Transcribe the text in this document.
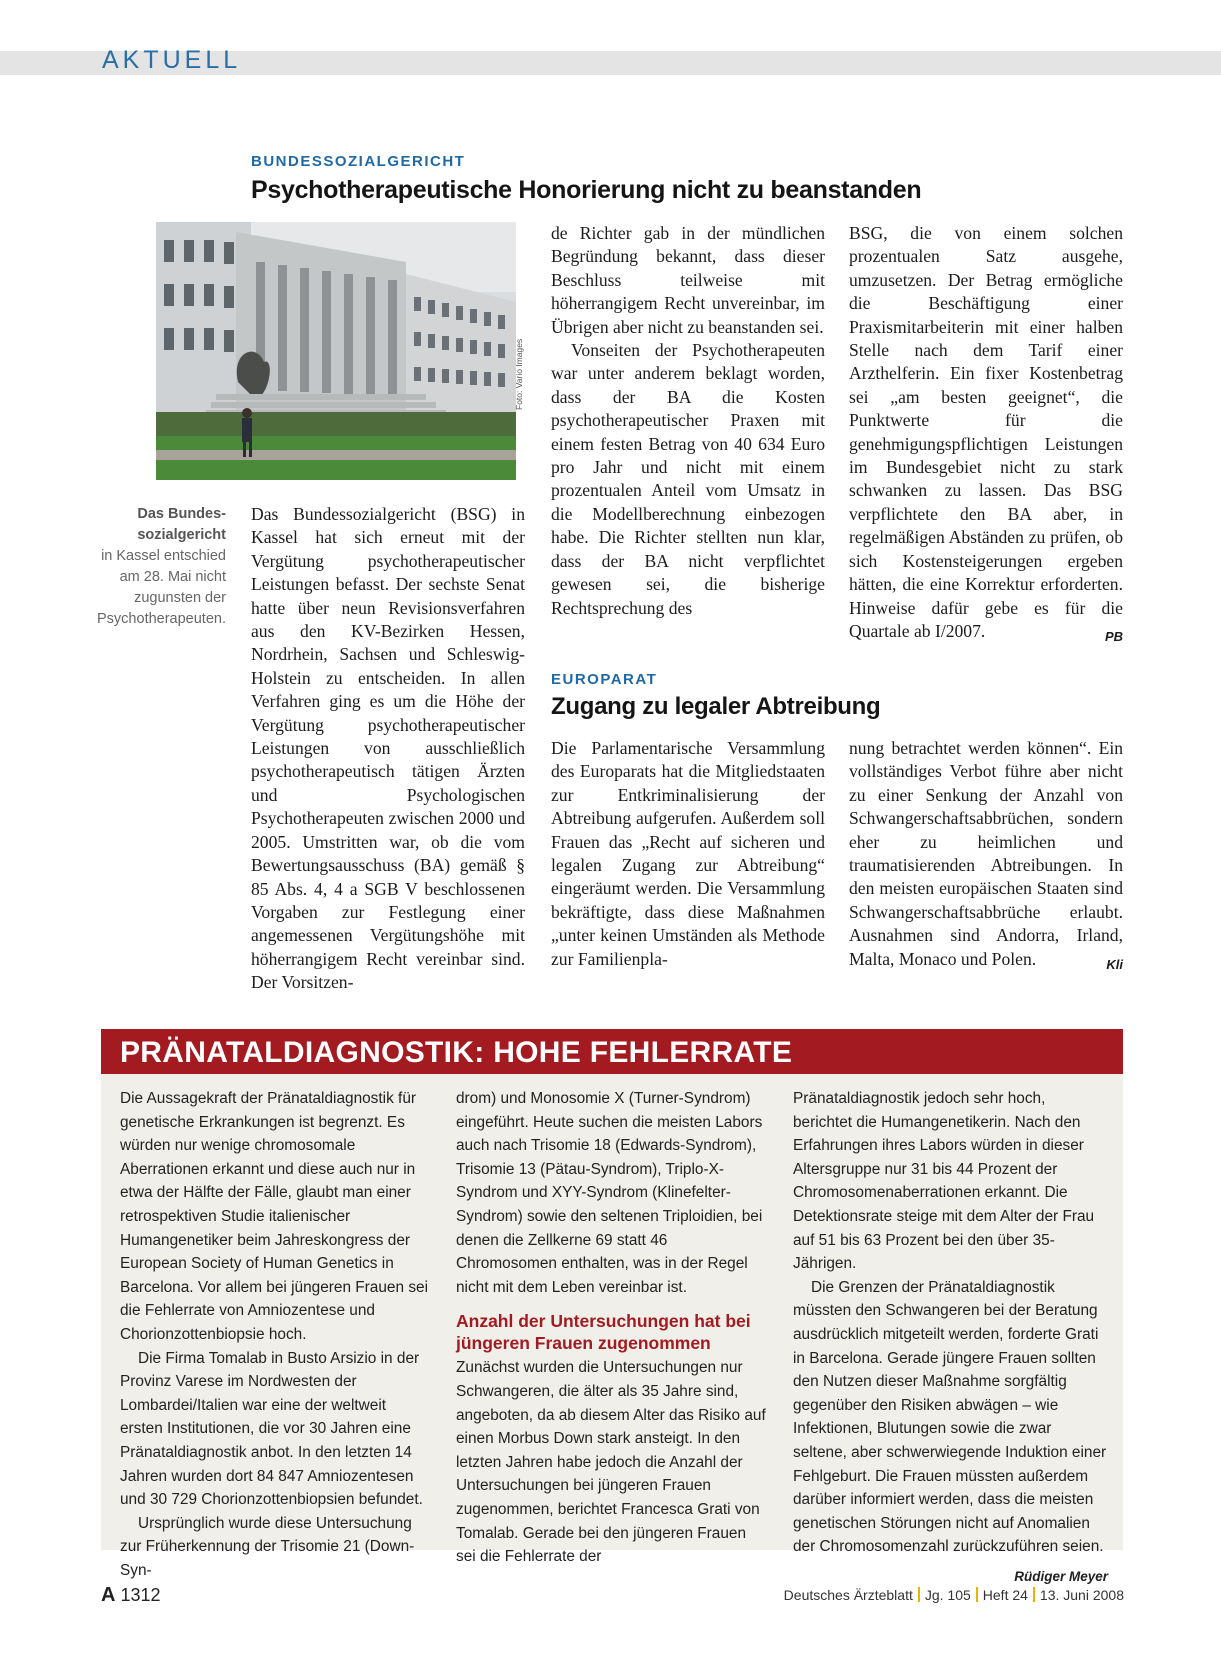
AKTUELL
BUNDESSOZIALGERICHT
Psychotherapeutische Honorierung nicht zu beanstanden
Foto: Vario Images
Das Bundes-sozialgericht
in Kassel entschied am 28. Mai nicht zugunsten der Psychotherapeuten.

Das Bundessozialgericht (BSG) in Kassel hat sich erneut mit der Vergütung psychotherapeutischer Leistungen befasst. Der sechste Senat hatte über neun Revisionsverfahren aus den KV-Bezirken Hessen, Nordrhein, Sachsen und Schleswig-Holstein zu entscheiden. In allen Verfahren ging es um die Höhe der Vergütung psychotherapeutischer Leistungen von ausschließlich psychotherapeutisch tätigen Ärzten und Psychologischen Psychotherapeuten zwischen 2000 und 2005. Umstritten war, ob die vom Bewertungsausschuss (BA) gemäß § 85 Abs. 4, 4 a SGB V beschlossenen Vorgaben zur Festlegung einer angemessenen Vergütungshöhe mit höherrangigem Recht vereinbar sind. Der Vorsitzen-

de Richter gab in der mündlichen Begründung bekannt, dass dieser Beschluss teilweise mit höherrangigem Recht unvereinbar, im Übrigen aber nicht zu beanstanden sei.

Vonseiten der Psychotherapeuten war unter anderem beklagt worden, dass der BA die Kosten psychotherapeutischer Praxen mit einem festen Betrag von 40 634 Euro pro Jahr und nicht mit einem prozentualen Anteil vom Umsatz in die Modellberechnung einbezogen habe. Die Richter stellten nun klar, dass der BA nicht verpflichtet gewesen sei, die bisherige Rechtsprechung des

BSG, die von einem solchen prozentualen Satz ausgehe, umzusetzen. Der Betrag ermögliche die Beschäftigung einer Praxismitarbeiterin mit einer halben Stelle nach dem Tarif einer Arzthelferin. Ein fixer Kostenbetrag sei „am besten geeignet“, die Punktwerte für die genehmigungspflichtigen Leistungen im Bundesgebiet nicht zu stark schwanken zu lassen. Das BSG verpflichtete den BA aber, in regelmäßigen Abständen zu prüfen, ob sich Kostensteigerungen ergeben hätten, die eine Korrektur erforderten. Hinweise dafür gebe es für die Quartale ab I/2007.	PB

EUROPARAT
Zugang zu legaler Abtreibung

Die Parlamentarische Versammlung des Europarats hat die Mitgliedstaaten zur Entkriminalisierung der Abtreibung aufgerufen. Außerdem soll Frauen das „Recht auf sicheren und legalen Zugang zur Abtreibung“ eingeräumt werden. Die Versammlung bekräftigte, dass diese Maßnahmen „unter keinen Umständen als Methode zur Familienpla-

nung betrachtet werden können“. Ein vollständiges Verbot führe aber nicht zu einer Senkung der Anzahl von Schwangerschaftsabbrüchen, sondern eher zu heimlichen und traumatisierenden Abtreibungen. In den meisten europäischen Staaten sind Schwangerschaftsabbrüche erlaubt. Ausnahmen sind Andorra, Irland, Malta, Monaco und Polen.	Kli

PRÄNATALDIAGNOSTIK: HOHE FEHLERRATE

Die Aussagekraft der Pränataldiagnostik für genetische Erkrankungen ist begrenzt. Es würden nur wenige chromosomale Aberrationen erkannt und diese auch nur in etwa der Hälfte der Fälle, glaubt man einer retrospektiven Studie italienischer Humangenetiker beim Jahreskongress der European Society of Human Genetics in Barcelona. Vor allem bei jüngeren Frauen sei die Fehlerrate von Amniozentese und Chorionzottenbiopsie hoch.

Die Firma Tomalab in Busto Arsizio in der Provinz Varese im Nordwesten der Lombardei/Italien war eine der weltweit ersten Institutionen, die vor 30 Jahren eine Pränataldiagnostik anbot. In den letzten 14 Jahren wurden dort 84 847 Amniozentesen und 30 729 Chorionzottenbiopsien befundet.

Ursprünglich wurde diese Untersuchung zur Früherkennung der Trisomie 21 (Down-Syn-

drom) und Monosomie X (Turner-Syndrom) eingeführt. Heute suchen die meisten Labors auch nach Trisomie 18 (Edwards-Syndrom), Trisomie 13 (Pätau-Syndrom), Triplo-X-Syndrom und XYY-Syndrom (Klinefelter-Syndrom) sowie den seltenen Triploidien, bei denen die Zellkerne 69 statt 46 Chromosomen enthalten, was in der Regel nicht mit dem Leben vereinbar ist.

Anzahl der Untersuchungen hat bei jüngeren Frauen zugenommen

Zunächst wurden die Untersuchungen nur Schwangeren, die älter als 35 Jahre sind, angeboten, da ab diesem Alter das Risiko auf einen Morbus Down stark ansteigt. In den letzten Jahren habe jedoch die Anzahl der Untersuchungen bei jüngeren Frauen zugenommen, berichtet Francesca Grati von Tomalab. Gerade bei den jüngeren Frauen sei die Fehlerrate der

Pränataldiagnostik jedoch sehr hoch, berichtet die Humangenetikerin. Nach den Erfahrungen ihres Labors würden in dieser Altersgruppe nur 31 bis 44 Prozent der Chromosomenaberrationen erkannt. Die Detektionsrate steige mit dem Alter der Frau auf 51 bis 63 Prozent bei den über 35-Jährigen.

Die Grenzen der Pränataldiagnostik müssten den Schwangeren bei der Beratung ausdrücklich mitgeteilt werden, forderte Grati in Barcelona. Gerade jüngere Frauen sollten den Nutzen dieser Maßnahme sorgfältig gegenüber den Risiken abwägen – wie Infektionen, Blutungen sowie die zwar seltene, aber schwerwiegende Induktion einer Fehlgeburt. Die Frauen müssten außerdem darüber informiert werden, dass die meisten genetischen Störungen nicht auf Anomalien der Chromosomenzahl zurückzuführen seien.
Rüdiger Meyer

A 1312	Deutsches Ärzteblatt Jg. 105 Heft 24 13. Juni 2008
